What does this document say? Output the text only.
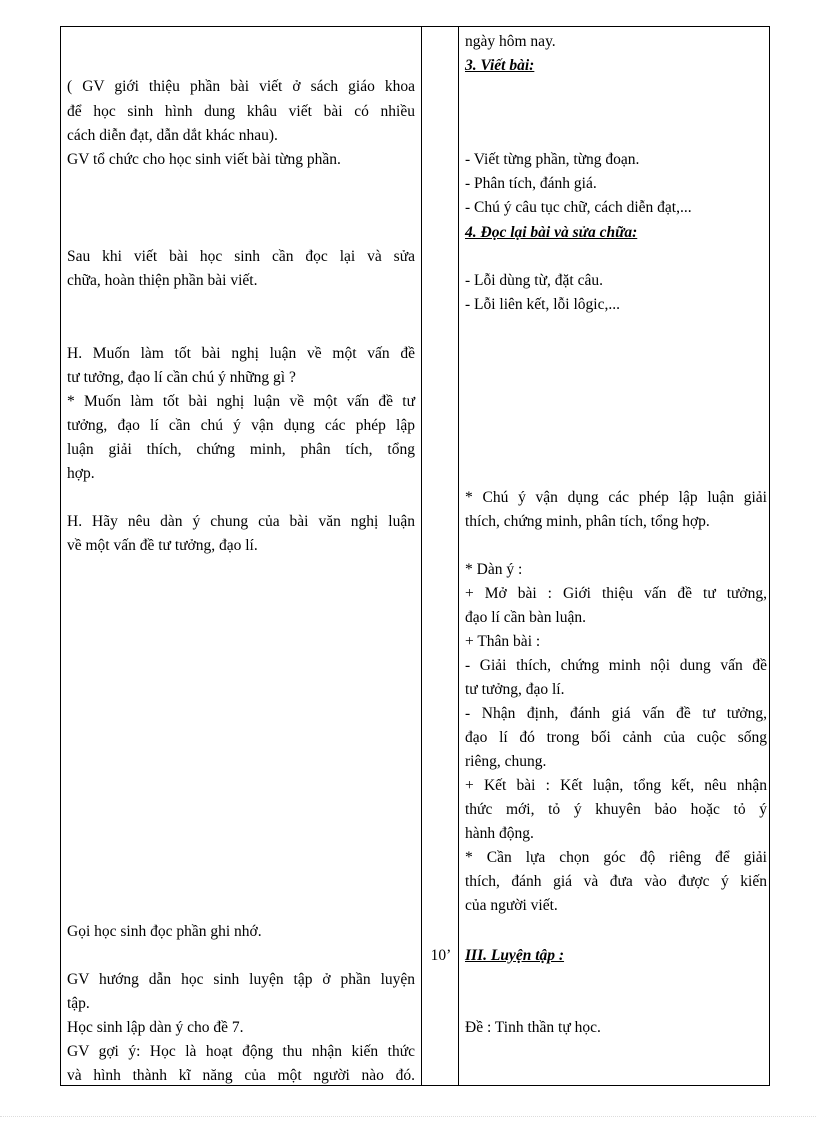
( GV giới thiệu phần bài viết ở sách giáo khoa
để học sinh hình dung khâu viết bài có nhiều
cách diễn đạt, dẫn dắt khác nhau).
GV tổ chức cho học sinh viết bài từng phần.
Sau khi viết bài học sinh cần đọc lại và sửa
chữa, hoàn thiện phần bài viết.
H. Muốn làm tốt bài nghị luận về một vấn đề
tư tưởng, đạo lí cần chú ý những gì ?
* Muốn làm tốt bài nghị luận về một vấn đề tư
tưởng, đạo lí cần chú ý vận dụng các phép lập
luận giải thích, chứng minh, phân tích, tổng
hợp.
H. Hãy nêu dàn ý chung của bài văn nghị luận
về một vấn đề tư tưởng, đạo lí.
Gọi học sinh đọc phần ghi nhớ.
GV hướng dẫn học sinh luyện tập ở phần luyện
tập.
Học sinh lập dàn ý cho đề 7.
GV gợi ý: Học là hoạt động thu nhận kiến thức
và hình thành kĩ năng của một người nào đó.
10’
ngày hôm nay.
3. Viết bài:
- Viết từng phần, từng đoạn.
- Phân tích, đánh giá.
- Chú ý câu tục chữ, cách diễn đạt,...
4. Đọc lại bài và sửa chữa:
- Lỗi dùng từ, đặt câu.
- Lỗi liên kết, lỗi lôgic,...
* Chú ý vận dụng các phép lập luận giải
thích, chứng minh, phân tích, tổng hợp.
* Dàn ý :
+ Mở bài : Giới thiệu vấn đề tư tưởng,
đạo lí cần bàn luận.
+ Thân bài :
- Giải thích, chứng minh nội dung vấn đề
tư tưởng, đạo lí.
- Nhận định, đánh giá vấn đề tư tưởng,
đạo lí đó trong bối cảnh của cuộc sống
riêng, chung.
+ Kết bài : Kết luận, tổng kết, nêu nhận
thức mới, tỏ ý khuyên bảo hoặc tỏ ý
hành động.
* Cần lựa chọn góc độ riêng để giải
thích, đánh giá và đưa vào được ý kiến
của người viết.
III. Luyện tập :
Đề : Tinh thần tự học.
